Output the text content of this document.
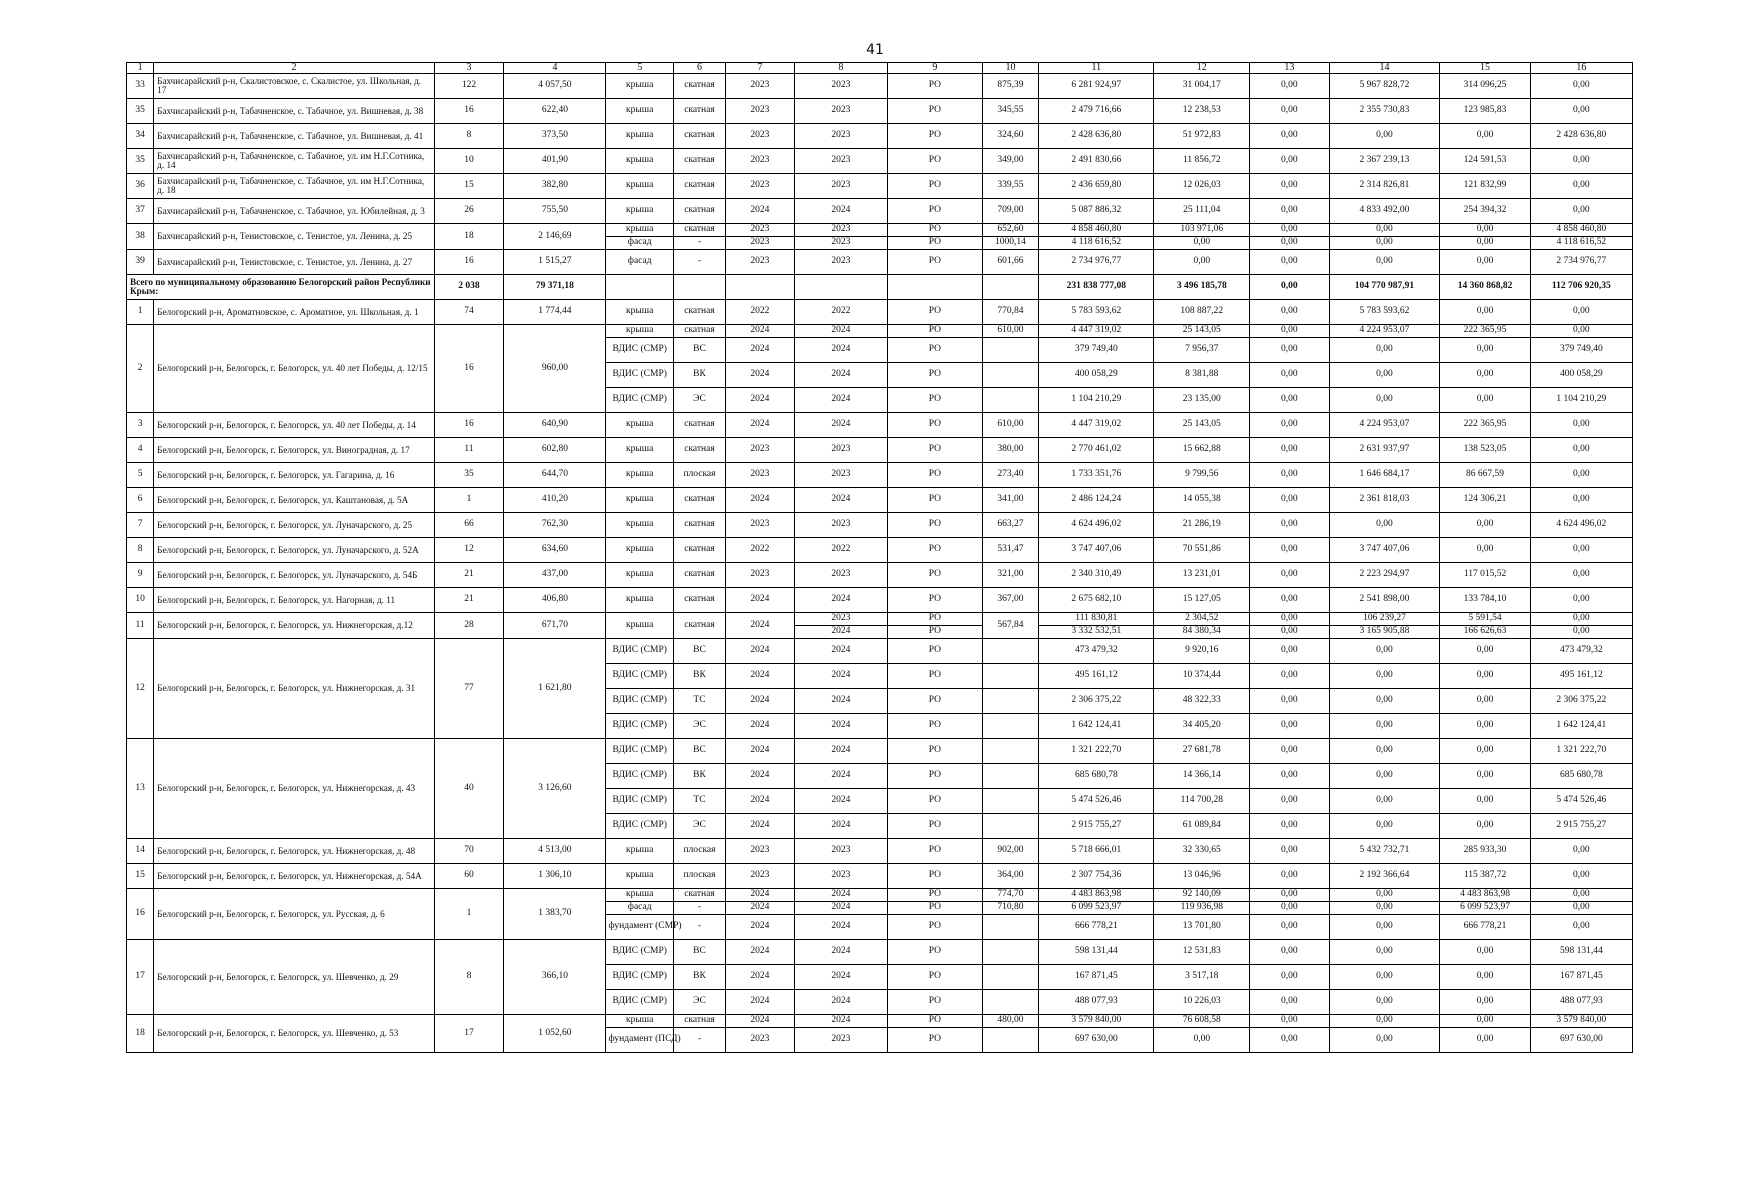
41
1	2	3	4	5	6	7	8	9	10	11	12	13	14	15	16
33	Бахчисарайский р-н, Скалистовское, с. Скалистое, ул. Школьная, д. 17	122	4 057,50	крыша	скатная	2023	2023	РО	875,39	6 281 924,97	31 004,17	0,00	5 967 828,72	314 096,25	0,00
35	Бахчисарайский р-н, Табачненское, с. Табачное, ул. Вишневая, д. 38	16	622,40	крыша	скатная	2023	2023	РО	345,55	2 479 716,66	12 238,53	0,00	2 355 730,83	123 985,83	0,00
34	Бахчисарайский р-н, Табачненское, с. Табачное, ул. Вишневая, д. 41	8	373,50	крыша	скатная	2023	2023	РО	324,60	2 428 636,80	51 972,83	0,00	0,00	0,00	2 428 636,80
35	Бахчисарайский р-н, Табачненское, с. Табачное, ул. им Н.Г.Сотника, д. 14	10	401,90	крыша	скатная	2023	2023	РО	349,00	2 491 830,66	11 856,72	0,00	2 367 239,13	124 591,53	0,00
36	Бахчисарайский р-н, Табачненское, с. Табачное, ул. им Н.Г.Сотника, д. 18	15	382,80	крыша	скатная	2023	2023	РО	339,55	2 436 659,80	12 026,03	0,00	2 314 826,81	121 832,99	0,00
37	Бахчисарайский р-н, Табачненское, с. Табачное, ул. Юбилейная, д. 3	26	755,50	крыша	скатная	2024	2024	РО	709,00	5 087 886,32	25 111,04	0,00	4 833 492,00	254 394,32	0,00
38	Бахчисарайский р-н, Тенистовское, с. Тенистое, ул. Ленина, д. 25	18	2 146,69	крыша	скатная	2023	2023	РО	652,60	4 858 460,80	103 971,06	0,00	0,00	0,00	4 858 460,80
				фасад	-	2023	2023	РО	1000,14	4 118 616,52	0,00	0,00	0,00	0,00	4 118 616,52
39	Бахчисарайский р-н, Тенистовское, с. Тенистое, ул. Ленина, д. 27	16	1 515,27	фасад	-	2023	2023	РО	601,66	2 734 976,77	0,00	0,00	0,00	0,00	2 734 976,77
Всего по муниципальному образованию Белогорский район Республики Крым:		2 038	79 371,18							231 838 777,08	3 496 185,78	0,00	104 770 987,91	14 360 868,82	112 706 920,35
1	Белогорский р-н, Ароматновское, с. Ароматное, ул. Школьная, д. 1	74	1 774,44	крыша	скатная	2022	2022	РО	770,84	5 783 593,62	108 887,22	0,00	5 783 593,62	0,00	0,00
2	Белогорский р-н, Белогорск, г. Белогорск, ул. 40 лет Победы, д. 12/15	16	960,00	крыша	скатная	2024	2024	РО	610,00	4 447 319,02	25 143,05	0,00	4 224 953,07	222 365,95	0,00
				ВДИС (СМР)	ВС	2024	2024	РО		379 749,40	7 956,37	0,00	0,00	0,00	379 749,40
				ВДИС (СМР)	ВК	2024	2024	РО		400 058,29	8 381,88	0,00	0,00	0,00	400 058,29
				ВДИС (СМР)	ЭС	2024	2024	РО		1 104 210,29	23 135,00	0,00	0,00	0,00	1 104 210,29
3	Белогорский р-н, Белогорск, г. Белогорск, ул. 40 лет Победы, д. 14	16	640,90	крыша	скатная	2024	2024	РО	610,00	4 447 319,02	25 143,05	0,00	4 224 953,07	222 365,95	0,00
4	Белогорский р-н, Белогорск, г. Белогорск, ул. Виноградная, д. 17	11	602,80	крыша	скатная	2023	2023	РО	380,00	2 770 461,02	15 662,88	0,00	2 631 937,97	138 523,05	0,00
5	Белогорский р-н, Белогорск, г. Белогорск, ул. Гагарина, д. 16	35	644,70	крыша	плоская	2023	2023	РО	273,40	1 733 351,76	9 799,56	0,00	1 646 684,17	86 667,59	0,00
6	Белогорский р-н, Белогорск, г. Белогорск, ул. Каштановая, д. 5А	1	410,20	крыша	скатная	2024	2024	РО	341,00	2 486 124,24	14 055,38	0,00	2 361 818,03	124 306,21	0,00
7	Белогорский р-н, Белогорск, г. Белогорск, ул. Луначарского, д. 25	66	762,30	крыша	скатная	2023	2023	РО	663,27	4 624 496,02	21 286,19	0,00	0,00	0,00	4 624 496,02
8	Белогорский р-н, Белогорск, г. Белогорск, ул. Луначарского, д. 52А	12	634,60	крыша	скатная	2022	2022	РО	531,47	3 747 407,06	70 551,86	0,00	3 747 407,06	0,00	0,00
9	Белогорский р-н, Белогорск, г. Белогорск, ул. Луначарского, д. 54Б	21	437,00	крыша	скатная	2023	2023	РО	321,00	2 340 310,49	13 231,01	0,00	2 223 294,97	117 015,52	0,00
10	Белогорский р-н, Белогорск, г. Белогорск, ул. Нагорная, д. 11	21	406,80	крыша	скатная	2024	2024	РО	367,00	2 675 682,10	15 127,05	0,00	2 541 898,00	133 784,10	0,00
11	Белогорский р-н, Белогорск, г. Белогорск, ул. Нижнегорская, д.12	28	671,70	крыша	скатная	2024	2023	РО	567,84	111 830,81	2 304,52	0,00	106 239,27	5 591,54	0,00
							2024	РО		3 332 532,51	84 380,34	0,00	3 165 905,88	166 626,63	0,00
12	Белогорский р-н, Белогорск, г. Белогорск, ул. Нижнегорская, д. 31	77	1 621,80	ВДИС (СМР)	ВС	2024	2024	РО		473 479,32	9 920,16	0,00	0,00	0,00	473 479,32
				ВДИС (СМР)	ВК	2024	2024	РО		495 161,12	10 374,44	0,00	0,00	0,00	495 161,12
				ВДИС (СМР)	ТС	2024	2024	РО		2 306 375,22	48 322,33	0,00	0,00	0,00	2 306 375,22
				ВДИС (СМР)	ЭС	2024	2024	РО		1 642 124,41	34 405,20	0,00	0,00	0,00	1 642 124,41
13	Белогорский р-н, Белогорск, г. Белогорск, ул. Нижнегорская, д. 43	40	3 126,60	ВДИС (СМР)	ВС	2024	2024	РО		1 321 222,70	27 681,78	0,00	0,00	0,00	1 321 222,70
				ВДИС (СМР)	ВК	2024	2024	РО		685 680,78	14 366,14	0,00	0,00	0,00	685 680,78
				ВДИС (СМР)	ТС	2024	2024	РО		5 474 526,46	114 700,28	0,00	0,00	0,00	5 474 526,46
				ВДИС (СМР)	ЭС	2024	2024	РО		2 915 755,27	61 089,84	0,00	0,00	0,00	2 915 755,27
14	Белогорский р-н, Белогорск, г. Белогорск, ул. Нижнегорская, д. 48	70	4 513,00	крыша	плоская	2023	2023	РО	902,00	5 718 666,01	32 330,65	0,00	5 432 732,71	285 933,30	0,00
15	Белогорский р-н, Белогорск, г. Белогорск, ул. Нижнегорская, д. 54А	60	1 306,10	крыша	плоская	2023	2023	РО	364,00	2 307 754,36	13 046,96	0,00	2 192 366,64	115 387,72	0,00
16	Белогорский р-н, Белогорск, г. Белогорск, ул. Русская, д. 6	1	1 383,70	крыша	скатная	2024	2024	РО	774,70	4 483 863,98	92 140,09	0,00	0,00	4 483 863,98	0,00
				фасад	-	2024	2024	РО	710,80	6 099 523,97	119 936,98	0,00	0,00	6 099 523,97	0,00
				фундамент (СМР)	-	2024	2024	РО		666 778,21	13 701,80	0,00	0,00	666 778,21	0,00
17	Белогорский р-н, Белогорск, г. Белогорск, ул. Шевченко, д. 29	8	366,10	ВДИС (СМР)	ВС	2024	2024	РО		598 131,44	12 531,83	0,00	0,00	0,00	598 131,44
				ВДИС (СМР)	ВК	2024	2024	РО		167 871,45	3 517,18	0,00	0,00	0,00	167 871,45
				ВДИС (СМР)	ЭС	2024	2024	РО		488 077,93	10 226,03	0,00	0,00	0,00	488 077,93
18	Белогорский р-н, Белогорск, г. Белогорск, ул. Шевченко, д. 53	17	1 052,60	крыша	скатная	2024	2024	РО	480,00	3 579 840,00	76 608,58	0,00	0,00	0,00	3 579 840,00
				фундамент (ПСД)	-	2023	2023	РО		697 630,00	0,00	0,00	0,00	0,00	697 630,00
